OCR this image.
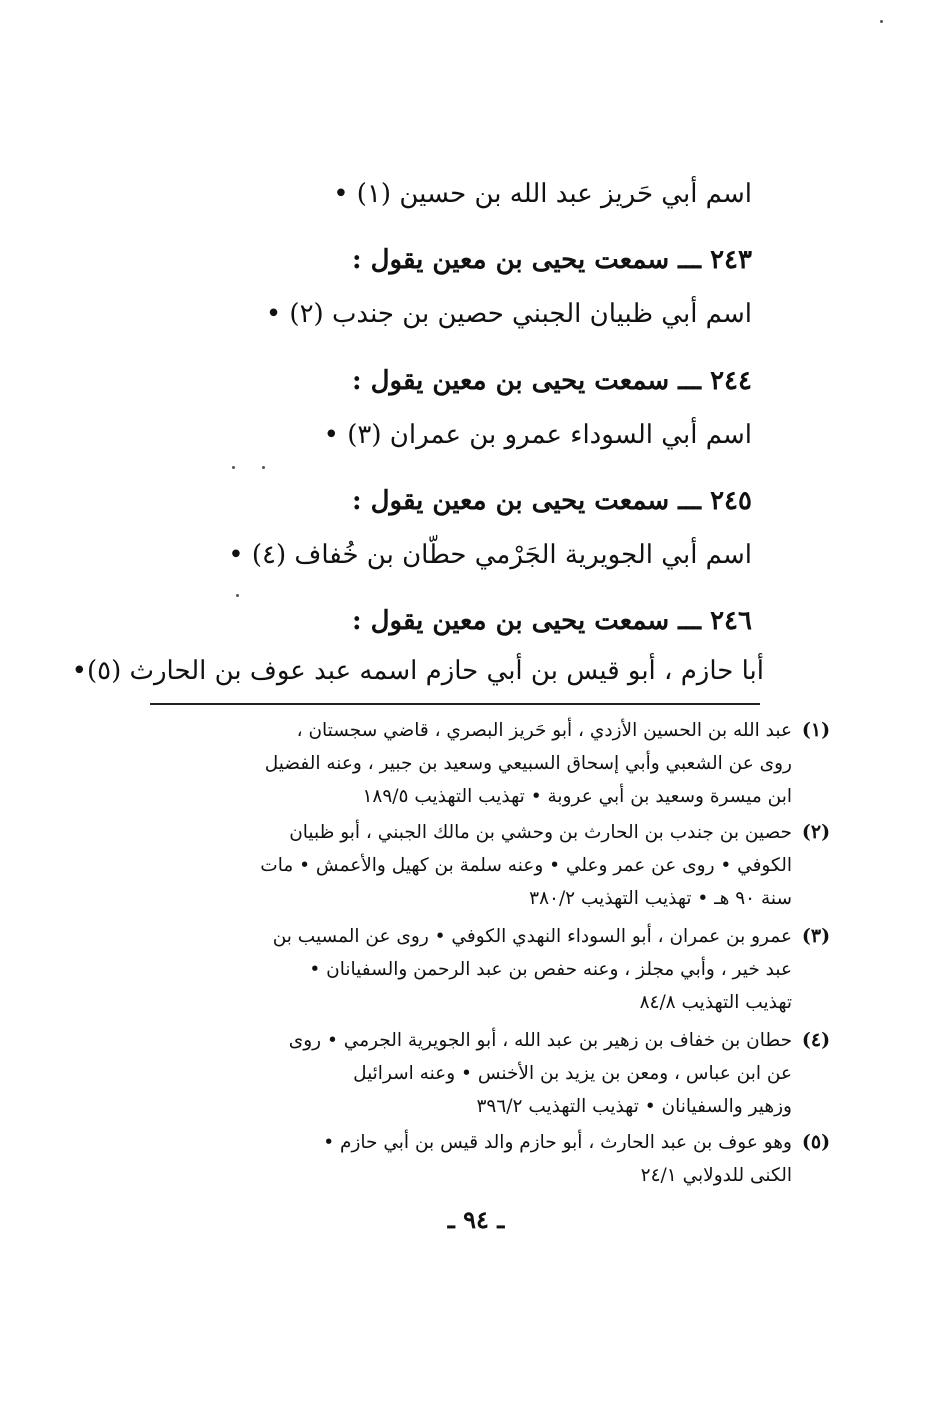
اسم أبي حَريز عبد الله بن حسين (١) •
٢٤٣ ـــ سمعت يحيى بن معين يقول :
اسم أبي ظبيان الجبني حصين بن جندب (٢) •
٢٤٤ ـــ سمعت يحيى بن معين يقول :
اسم أبي السوداء عمرو بن عمران (٣) •
٢٤٥ ـــ سمعت يحيى بن معين يقول :
اسم أبي الجويرية الجَرْمي حطّان بن خُفاف (٤) •
٢٤٦ ـــ سمعت يحيى بن معين يقول :
أبا حازم ، أبو قيس بن أبي حازم اسمه عبد عوف بن الحارث (٥)•
(١)
عبد الله بن الحسين الأزدي ، أبو حَريز البصري ، قاضي سجستان ،
روى عن الشعبي وأبي إسحاق السبيعي وسعيد بن جبير ، وعنه الفضيل
ابن ميسرة وسعيد بن أبي عروبة • تهذيب التهذيب ١٨٩/٥
(٢)
حصين بن جندب بن الحارث بن وحشي بن مالك الجبني ، أبو ظبيان
الكوفي • روى عن عمر وعلي • وعنه سلمة بن كهيل والأعمش • مات
سنة ٩٠ هـ • تهذيب التهذيب ٣٨٠/٢
(٣)
عمرو بن عمران ، أبو السوداء النهدي الكوفي • روى عن المسيب بن
عبد خير ، وأبي مجلز ، وعنه حفص بن عبد الرحمن والسفيانان •
تهذيب التهذيب ٨٤/٨
(٤)
حطان بن خفاف بن زهير بن عبد الله ، أبو الجويرية الجرمي • روى
عن ابن عباس ، ومعن بن يزيد بن الأخنس • وعنه اسرائيل
وزهير والسفيانان • تهذيب التهذيب ٣٩٦/٢
(٥)
وهو عوف بن عبد الحارث ، أبو حازم والد قيس بن أبي حازم •
الكنى للدولابي ٢٤/١
ـ ٩٤ ـ
